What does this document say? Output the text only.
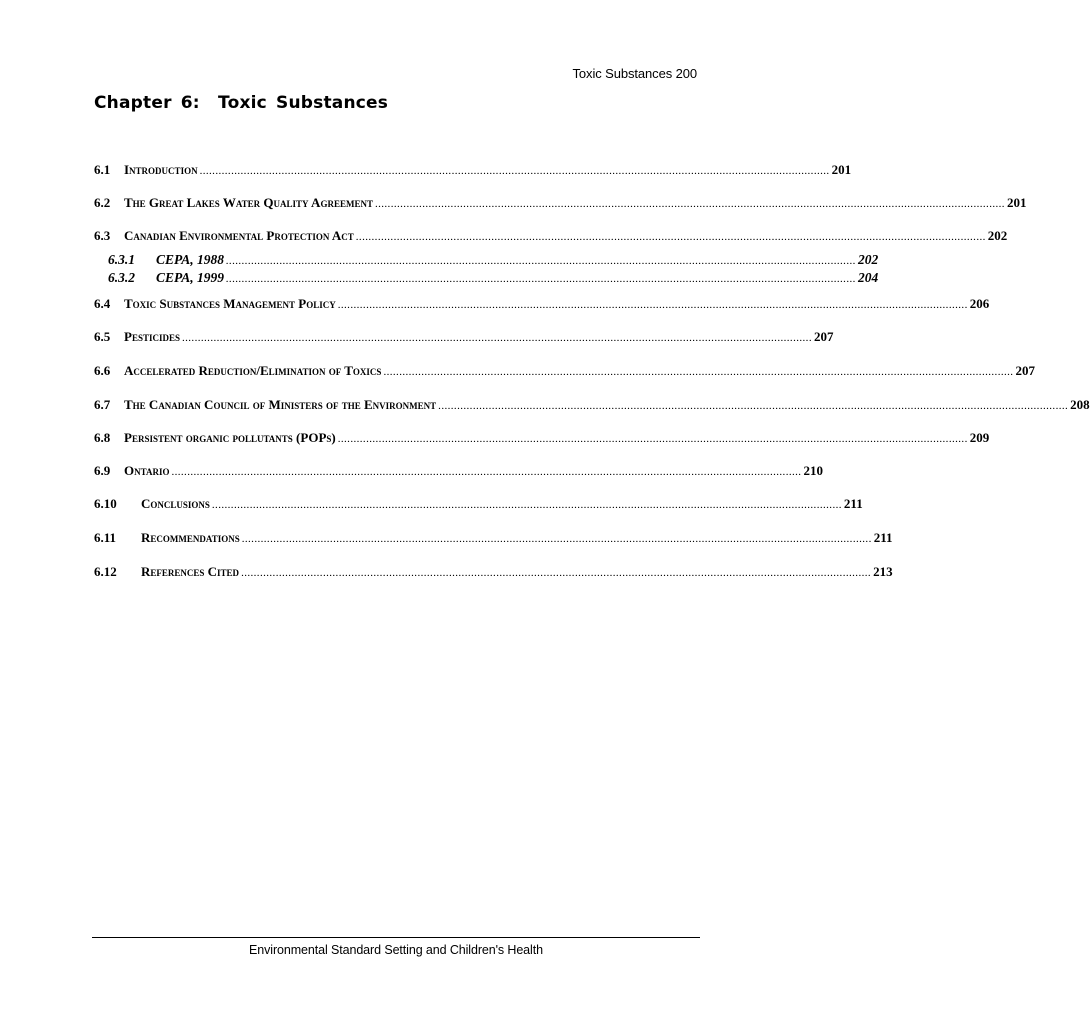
Toxic Substances 200
Chapter 6:  Toxic Substances
6.1	Introduction ........................................................................................................................................................................................................ 201
6.2	The Great Lakes Water Quality Agreement ........................................................................................................................................................................................................ 201
6.3	Canadian Environmental Protection Act ........................................................................................................................................................................................................ 202
6.3.1	CEPA, 1988 ........................................................................................................................................................................................................ 202
6.3.2	CEPA, 1999 ........................................................................................................................................................................................................ 204
6.4	Toxic Substances Management Policy ........................................................................................................................................................................................................ 206
6.5	Pesticides ........................................................................................................................................................................................................ 207
6.6	Accelerated Reduction/Elimination of Toxics ........................................................................................................................................................................................................ 207
6.7	The Canadian Council of Ministers of the Environment ........................................................................................................................................................................................................ 208
6.8	Persistent organic pollutants (POPs) ........................................................................................................................................................................................................ 209
6.9	Ontario ........................................................................................................................................................................................................ 210
6.10	Conclusions ........................................................................................................................................................................................................ 211
6.11	Recommendations ........................................................................................................................................................................................................ 211
6.12	References Cited ........................................................................................................................................................................................................ 213
Environmental Standard Setting and Children's Health
